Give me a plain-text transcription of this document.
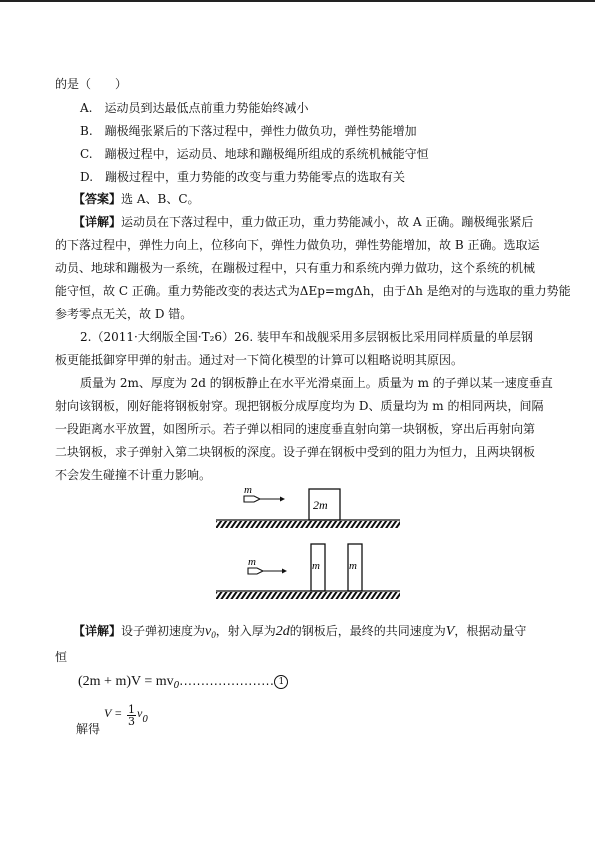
的是（　　）
A.　运动员到达最低点前重力势能始终减小
B.　蹦极绳张紧后的下落过程中，弹性力做负功，弹性势能增加
C.　蹦极过程中，运动员、地球和蹦极绳所组成的系统机械能守恒
D.　蹦极过程中，重力势能的改变与重力势能零点的选取有关
【答案】选 A、B、C。
【详解】运动员在下落过程中，重力做正功，重力势能减小，故 A 正确。蹦极绳张紧后
的下落过程中，弹性力向上，位移向下，弹性力做负功，弹性势能增加，故 B 正确。选取运
动员、地球和蹦极为一系统，在蹦极过程中，只有重力和系统内弹力做功，这个系统的机械
能守恒，故 C 正确。重力势能改变的表达式为ΔEp=mgΔh，由于Δh 是绝对的与选取的重力势能
参考零点无关，故 D 错。
2.（2011·大纲版全国·T₂6）26. 装甲车和战舰采用多层钢板比采用同样质量的单层钢
板更能抵御穿甲弹的射击。通过对一下简化模型的计算可以粗略说明其原因。
质量为 2m、厚度为 2d 的钢板静止在水平光滑桌面上。质量为 m 的子弹以某一速度垂直
射向该钢板，刚好能将钢板射穿。现把钢板分成厚度均为 D、质量均为 m 的相同两块，间隔
一段距离水平放置，如图所示。若子弹以相同的速度垂直射向第一块钢板，穿出后再射向第
二块钢板，求子弹射入第二块钢板的深度。设子弹在钢板中受到的阻力为恒力，且两块钢板
不会发生碰撞不计重力影响。
2m
m
m	m
m
【详解】设子弹初速度为$v_0$，射入厚为2d的钢板后，最终的共同速度为V，根据动量守
恒
$(2m + m)V = mv_0$...................... 1
$V = \frac{1}{3} v_0$
解得
